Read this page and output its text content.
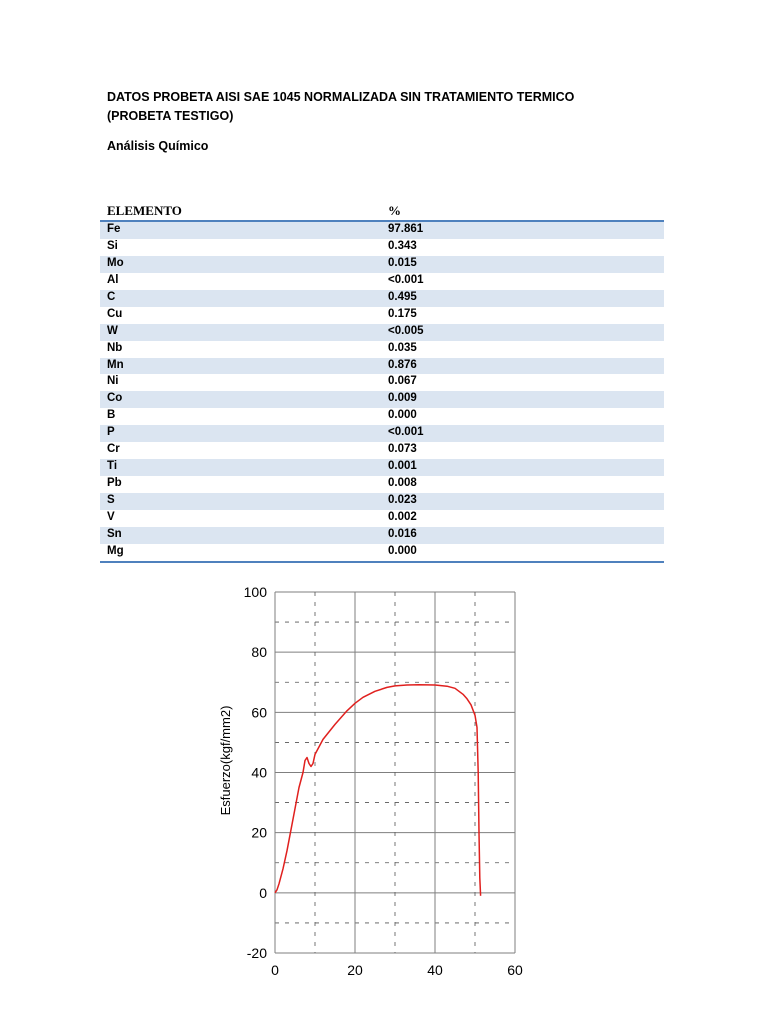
DATOS PROBETA AISI SAE 1045 NORMALIZADA SIN TRATAMIENTO TERMICO (PROBETA TESTIGO)
Análisis Químico
ELEMENTO	%
Fe	97.861
Si	0.343
Mo	0.015
Al	<0.001
C	0.495
Cu	0.175
W	<0.005
Nb	0.035
Mn	0.876
Ni	0.067
Co	0.009
B	0.000
P	<0.001
Cr	0.073
Ti	0.001
Pb	0.008
S	0.023
V	0.002
Sn	0.016
Mg	0.000
-20
0
20
40
60
80
100
0	20	40	60
Esfuerzo(kgf/mm2)
